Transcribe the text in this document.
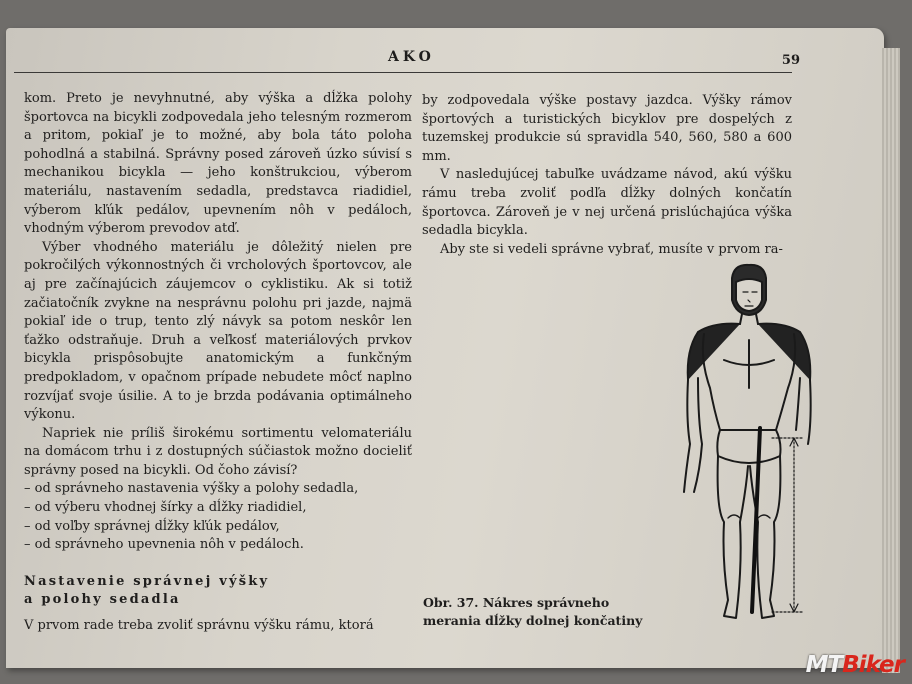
AKO	59

kom. Preto je nevyhnutné, aby výška a dĺžka polohy športovca na bicykli zodpovedala jeho telesným rozmerom a pritom, pokiaľ je to možné, aby bola táto poloha pohodlná a stabilná. Správny posed zároveň úzko súvisí s mechanikou bicykla — jeho konštrukciou, výberom materiálu, nastavením sedadla, predstavca riadidiel, výberom kľúk pedálov, upevnením nôh v pedáloch, vhodným výberom prevodov atď.

Výber vhodného materiálu je dôležitý nielen pre pokročilých výkonnostných či vrcholových športovcov, ale aj pre začínajúcich záujemcov o cyklistiku. Ak si totiž začiatočník zvykne na nesprávnu polohu pri jazde, najmä pokiaľ ide o trup, tento zlý návyk sa potom neskôr len ťažko odstraňuje. Druh a veľkosť materiálových prvkov bicykla prispôsobujte anatomickým a funkčným predpokladom, v opačnom prípade nebudete môcť naplno rozvíjať svoje úsilie. A to je brzda podávania optimálneho výkonu.

Napriek nie príliš širokému sortimentu velomateriálu na domácom trhu i z dostupných súčiastok možno docieliť správny posed na bicykli. Od čoho závisí?

– od správneho nastavenia výšky a polohy sedadla,
– od výberu vhodnej šírky a dĺžky riadidiel,
– od voľby správnej dĺžky kľúk pedálov,
– od správneho upevnenia nôh v pedáloch.
Nastavenie správnej výšky
a polohy sedadla

V prvom rade treba zvoliť správnu výšku rámu, ktorá

by zodpovedala výške postavy jazdca. Výšky rámov športových a turistických bicyklov pre dospelých z tuzemskej produkcie sú spravidla 540, 560, 580 a 600 mm.

V nasledujúcej tabuľke uvádzame návod, akú výšku rámu treba zvoliť podľa dĺžky dolných končatín športovca. Zároveň je v nej určená prislúchajúca výška sedadla bicykla.

Aby ste si vedeli správne vybrať, musíte v prvom ra-

Obr. 37. Nákres správneho
merania dĺžky dolnej končatiny
MTBiker
